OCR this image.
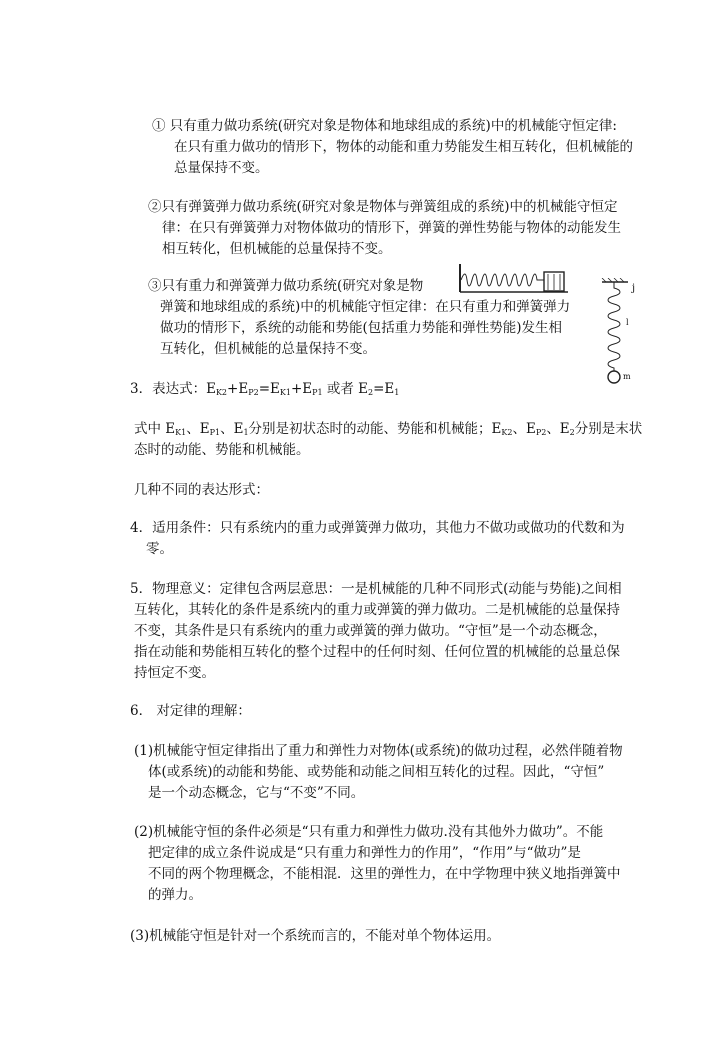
① 只有重力做功系统(研究对象是物体和地球组成的系统)中的机械能守恒定律:
在只有重力做功的情形下，物体的动能和重力势能发生相互转化，但机械能的
总量保持不变。
②只有弹簧弹力做功系统(研究对象是物体与弹簧组成的系统)中的机械能守恒定
律：在只有弹簧弹力对物体做功的情形下，弹簧的弹性势能与物体的动能发生
相互转化，但机械能的总量保持不变。
③只有重力和弹簧弹力做功系统(研究对象是物
弹簧和地球组成的系统)中的机械能守恒定律：在只有重力和弹簧弹力
做功的情形下，系统的动能和势能(包括重力势能和弹性势能)发生相
互转化，但机械能的总量保持不变。
j
l
m
3．表达式：$E_{K2}+E_{P2}=E_{K1}+E_{P1}$ 或者 $E_2=E_1$
式中 $E_{K1}$、$E_{P1}$、$E_1$分别是初状态时的动能、势能和机械能；$E_{K2}$、$E_{P2}$、$E_2$分别是末状
态时的动能、势能和机械能。
几种不同的表达形式：
4．适用条件：只有系统内的重力或弹簧弹力做功，其他力不做功或做功的代数和为
零。
5．物理意义：定律包含两层意思：一是机械能的几种不同形式(动能与势能)之间相
互转化，其转化的条件是系统内的重力或弹簧的弹力做功。二是机械能的总量保持
不变，其条件是只有系统内的重力或弹簧的弹力做功。“守恒”是一个动态概念，
指在动能和势能相互转化的整个过程中的任何时刻、任何位置的机械能的总量总保
持恒定不变。
6． 对定律的理解：
(1)机械能守恒定律指出了重力和弹性力对物体(或系统)的做功过程，必然伴随着物
体(或系统)的动能和势能、或势能和动能之间相互转化的过程。因此，“守恒”
是一个动态概念，它与“不变”不同。
(2)机械能守恒的条件必须是“只有重力和弹性力做功.没有其他外力做功”。不能
把定律的成立条件说成是“只有重力和弹性力的作用”，“作用”与“做功”是
不同的两个物理概念，不能相混．这里的弹性力，在中学物理中狭义地指弹簧中
的弹力。
(3)机械能守恒是针对一个系统而言的，不能对单个物体运用。
